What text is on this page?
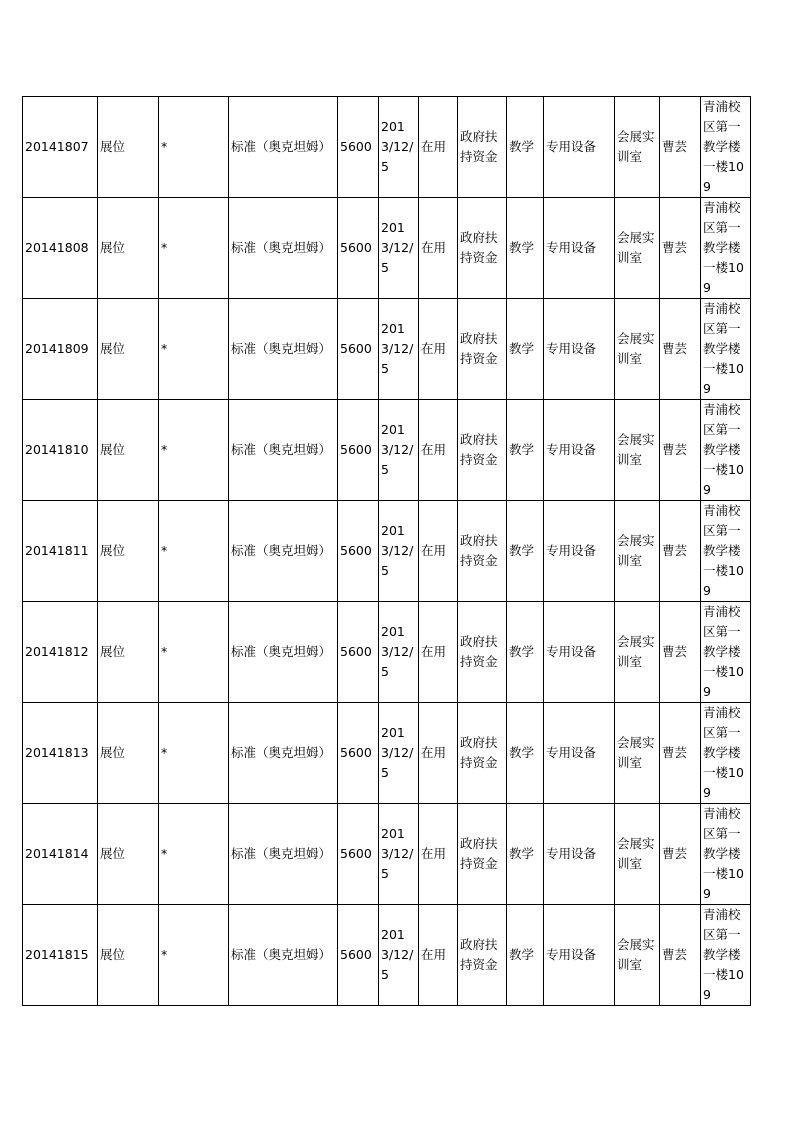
20141807	展位	*	标准（奥克坦姆）	5600	2013/12/5	在用	政府扶持资金	教学	专用设备	会展实训室	曹芸	青浦校区第一教学楼一楼109
20141808	展位	*	标准（奥克坦姆）	5600	2013/12/5	在用	政府扶持资金	教学	专用设备	会展实训室	曹芸	青浦校区第一教学楼一楼109
20141809	展位	*	标准（奥克坦姆）	5600	2013/12/5	在用	政府扶持资金	教学	专用设备	会展实训室	曹芸	青浦校区第一教学楼一楼109
20141810	展位	*	标准（奥克坦姆）	5600	2013/12/5	在用	政府扶持资金	教学	专用设备	会展实训室	曹芸	青浦校区第一教学楼一楼109
20141811	展位	*	标准（奥克坦姆）	5600	2013/12/5	在用	政府扶持资金	教学	专用设备	会展实训室	曹芸	青浦校区第一教学楼一楼109
20141812	展位	*	标准（奥克坦姆）	5600	2013/12/5	在用	政府扶持资金	教学	专用设备	会展实训室	曹芸	青浦校区第一教学楼一楼109
20141813	展位	*	标准（奥克坦姆）	5600	2013/12/5	在用	政府扶持资金	教学	专用设备	会展实训室	曹芸	青浦校区第一教学楼一楼109
20141814	展位	*	标准（奥克坦姆）	5600	2013/12/5	在用	政府扶持资金	教学	专用设备	会展实训室	曹芸	青浦校区第一教学楼一楼109
20141815	展位	*	标准（奥克坦姆）	5600	2013/12/5	在用	政府扶持资金	教学	专用设备	会展实训室	曹芸	青浦校区第一教学楼一楼109
